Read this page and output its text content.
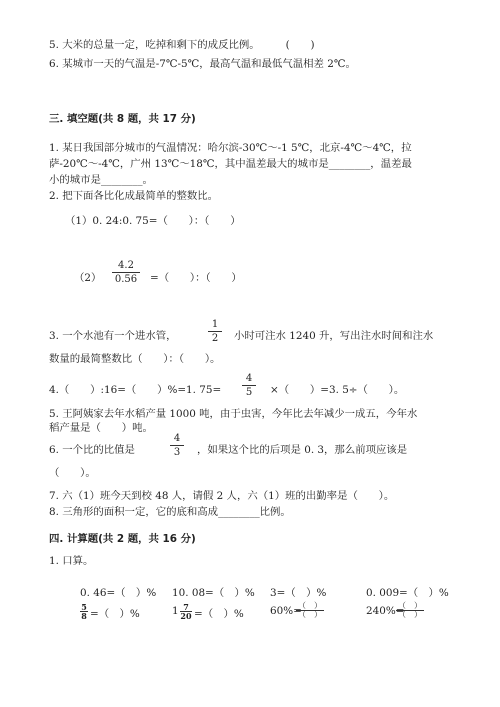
5. 大米的总量一定，吃掉和剩下的成反比例。　　　(　　)
6. 某城市一天的气温是-7℃-5℃，最高气温和最低气温相差 2℃。
三. 填空题(共 8 题，共 17 分)
1. 某日我国部分城市的气温情况：哈尔滨-30℃～-1 5℃，北京-4℃～4℃，拉
萨-20℃～-4℃，广州 13℃～18℃，其中温差最大的城市是________，温差最
小的城市是________。
2. 把下面各比化成最简单的整数比。
（1）0. 24:0. 75=（　　）：（　　）
（2）
4.2
0.56 =（　　）：（　　）
3. 一个水池有一个进水管，
1
2	小时可注水 1240 升，写出注水时间和注水
数量的最简整数比（　　）：（　　）。
4.（　　）:16=（　　）%=1. 75=
4
5	×（　　）=3. 5÷（　　）。
5. 王阿姨家去年水稻产量 1000 吨，由于虫害，今年比去年减少一成五，今年水
稻产量是（　　）吨。
6. 一个比的比值是
4
3	，如果这个比的后项是 0. 3，那么前项应该是
（　　）。
7. 六（1）班今天到校 48 人，请假 2 人，六（1）班的出勤率是（　　）。
8. 三角形的面积一定，它的底和高成________比例。
四. 计算题(共 2 题，共 16 分)
1. 口算。
0. 46=（　）% 10. 08=（　）% 3=（　）%	0. 009=（　）%
5
8 =（　）%	1 7
20 =（　）%	60%=
（　）
（　）	240%=
（　）
（　）
